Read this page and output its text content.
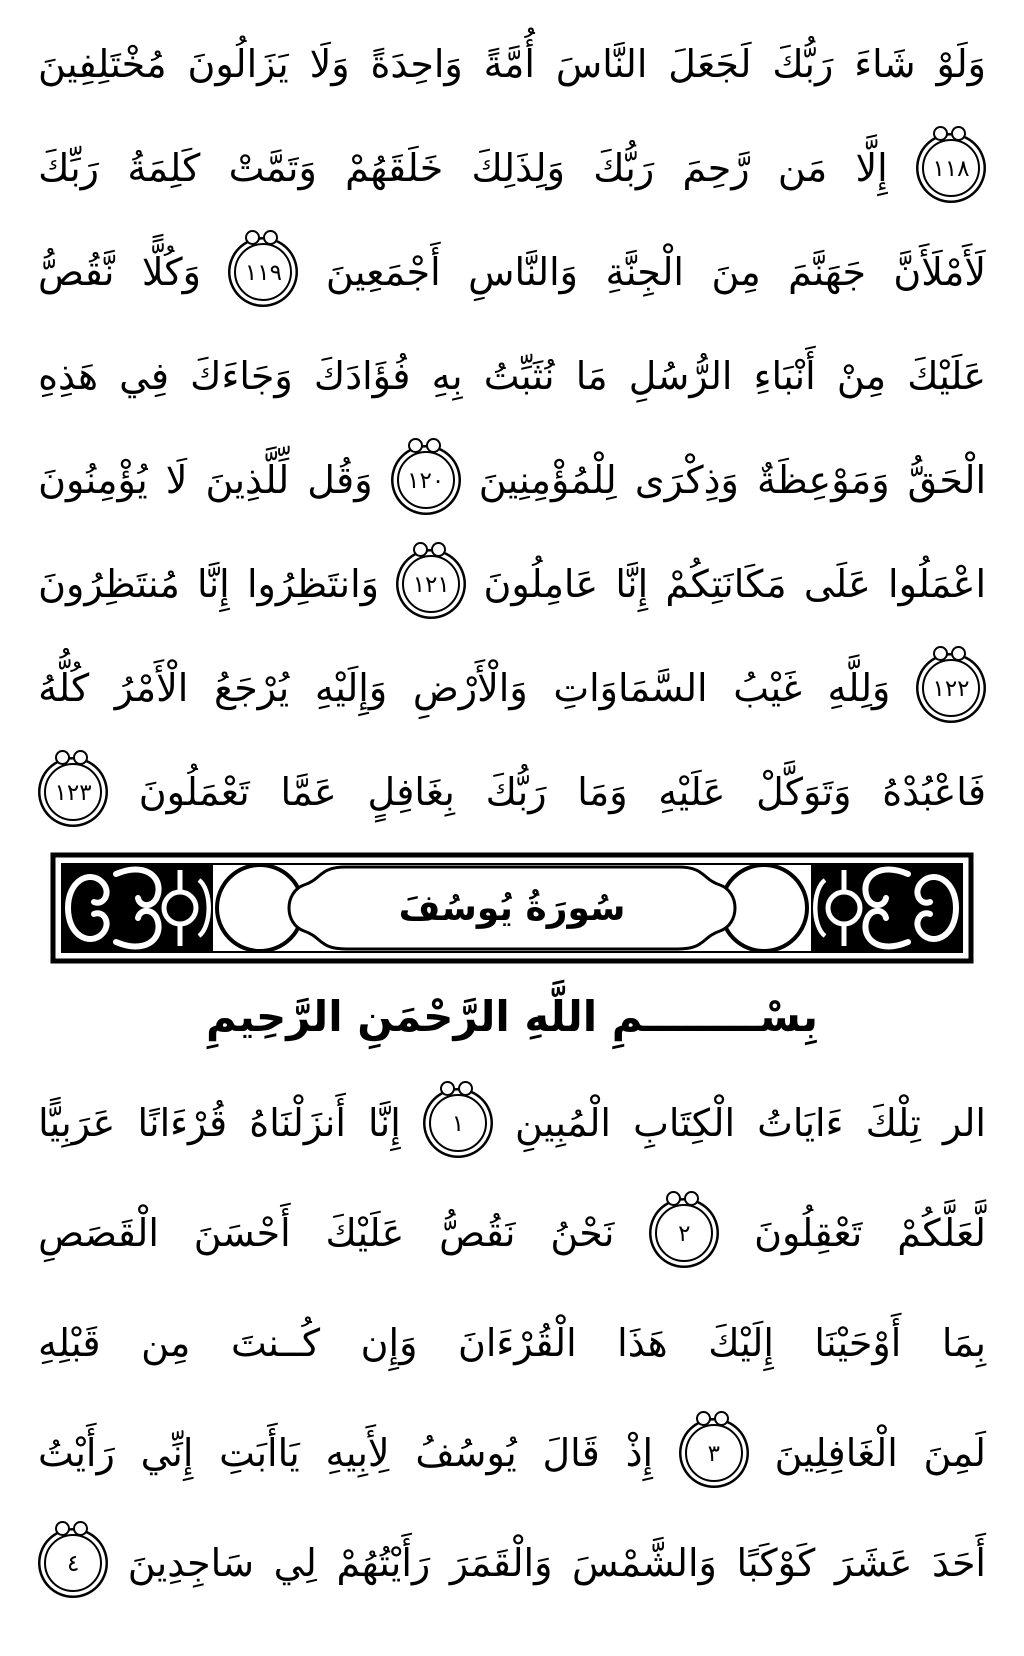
وَلَوْ
شَاءَ
رَبُّكَ
لَجَعَلَ
النَّاسَ
أُمَّةً
وَاحِدَةً
وَلَا
يَزَالُونَ
مُخْتَلِفِينَ
١١٨
إِلَّا
مَن
رَّحِمَ
رَبُّكَ
وَلِذَلِكَ
خَلَقَهُمْ
وَتَمَّتْ
كَلِمَةُ
رَبِّكَ
لَأَمْلَأَنَّ
جَهَنَّمَ
مِنَ
الْجِنَّةِ
وَالنَّاسِ
أَجْمَعِينَ
١١٩
وَكُلًّا
نَّقُصُّ
عَلَيْكَ
مِنْ
أَنْبَاءِ
الرُّسُلِ
مَا
نُثَبِّتُ
بِهِ
فُؤَادَكَ
وَجَاءَكَ
فِي
هَذِهِ
الْحَقُّ
وَمَوْعِظَةٌ
وَذِكْرَى
لِلْمُؤْمِنِينَ
١٢٠
وَقُل
لِّلَّذِينَ
لَا
يُؤْمِنُونَ
اعْمَلُوا
عَلَى
مَكَانَتِكُمْ
إِنَّا
عَامِلُونَ
١٢١
وَانتَظِرُوا
إِنَّا
مُنتَظِرُونَ
١٢٢
وَلِلَّهِ
غَيْبُ
السَّمَاوَاتِ
وَالْأَرْضِ
وَإِلَيْهِ
يُرْجَعُ
الْأَمْرُ
كُلُّهُ
فَاعْبُدْهُ
وَتَوَكَّلْ
عَلَيْهِ
وَمَا
رَبُّكَ
بِغَافِلٍ
عَمَّا
تَعْمَلُونَ
١٢٣
سُورَةُ يُوسُفَ
بِسْــــــــمِ اللَّهِ الرَّحْمَنِ الرَّحِيمِ
الر
تِلْكَ
ءَايَاتُ
الْكِتَابِ
الْمُبِينِ
١
إِنَّا
أَنزَلْنَاهُ
قُرْءَانًا
عَرَبِيًّا
لَّعَلَّكُمْ
تَعْقِلُونَ
٢
نَحْنُ
نَقُصُّ
عَلَيْكَ
أَحْسَنَ
الْقَصَصِ
بِمَا
أَوْحَيْنَا
إِلَيْكَ
هَذَا
الْقُرْءَانَ
وَإِن
كُــنتَ
مِن
قَبْلِهِ
لَمِنَ
الْغَافِلِينَ
٣
إِذْ
قَالَ
يُوسُفُ
لِأَبِيهِ
يَاأَبَتِ
إِنِّي
رَأَيْتُ
أَحَدَ
عَشَرَ
كَوْكَبًا
وَالشَّمْسَ
وَالْقَمَرَ
رَأَيْتُهُمْ
لِي
سَاجِدِينَ
٤
